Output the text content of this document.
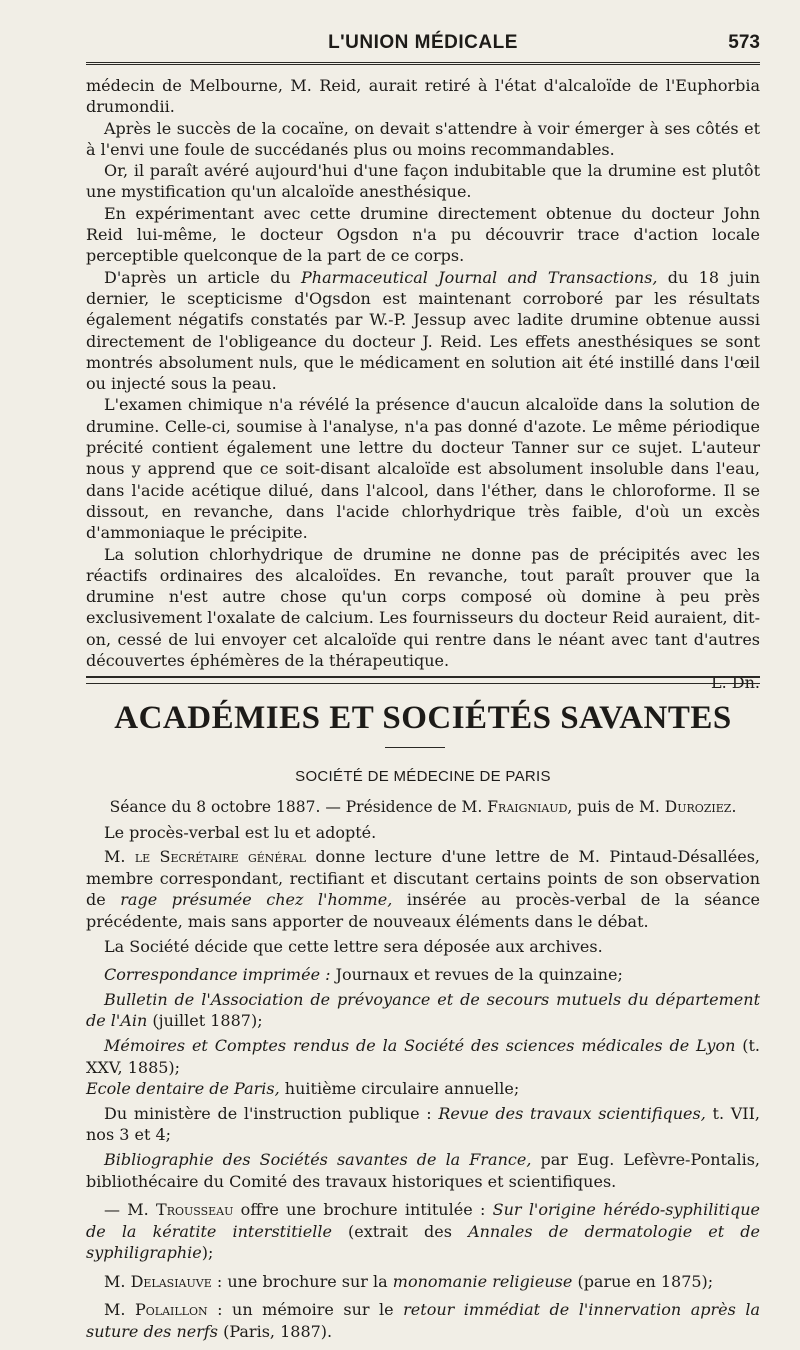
L'UNION MÉDICALE	573

médecin de Melbourne, M. Reid, aurait retiré à l'état d'alcaloïde de l'Euphorbia drumondii.

Après le succès de la cocaïne, on devait s'attendre à voir émerger à ses côtés et à l'envi une foule de succédanés plus ou moins recommandables.

Or, il paraît avéré aujourd'hui d'une façon indubitable que la drumine est plutôt une mystification qu'un alcaloïde anesthésique.

En expérimentant avec cette drumine directement obtenue du docteur John Reid lui-même, le docteur Ogsdon n'a pu découvrir trace d'action locale perceptible quelconque de la part de ce corps.

D'après un article du Pharmaceutical Journal and Transactions, du 18 juin dernier, le scepticisme d'Ogsdon est maintenant corroboré par les résultats également négatifs constatés par W.-P. Jessup avec ladite drumine obtenue aussi directement de l'obligeance du docteur J. Reid. Les effets anesthésiques se sont montrés absolument nuls, que le médicament en solution ait été instillé dans l'œil ou injecté sous la peau.

L'examen chimique n'a révélé la présence d'aucun alcaloïde dans la solution de drumine. Celle-ci, soumise à l'analyse, n'a pas donné d'azote. Le même périodique précité contient également une lettre du docteur Tanner sur ce sujet. L'auteur nous y apprend que ce soit-disant alcaloïde est absolument insoluble dans l'eau, dans l'acide acétique dilué, dans l'alcool, dans l'éther, dans le chloroforme. Il se dissout, en revanche, dans l'acide chlorhydrique très faible, d'où un excès d'ammoniaque le précipite.

La solution chlorhydrique de drumine ne donne pas de précipités avec les réactifs ordinaires des alcaloïdes. En revanche, tout paraît prouver que la drumine n'est autre chose qu'un corps composé où domine à peu près exclusivement l'oxalate de calcium. Les fournisseurs du docteur Reid auraient, dit-on, cessé de lui envoyer cet alcaloïde qui rentre dans le néant avec tant d'autres découvertes éphémères de la thérapeutique.

L. Dn.
ACADÉMIES ET SOCIÉTÉS SAVANTES
SOCIÉTÉ DE MÉDECINE DE PARIS

Séance du 8 octobre 1887. — Présidence de M. Fraigniaud, puis de M. Duroziez.

Le procès-verbal est lu et adopté.

M. le Secrétaire général donne lecture d'une lettre de M. Pintaud-Désallées, membre correspondant, rectifiant et discutant certains points de son observation de rage présumée chez l'homme, insérée au procès-verbal de la séance précédente, mais sans apporter de nouveaux éléments dans le débat.

La Société décide que cette lettre sera déposée aux archives.

Correspondance imprimée : Journaux et revues de la quinzaine;

Bulletin de l'Association de prévoyance et de secours mutuels du département de l'Ain (juillet 1887);

Mémoires et Comptes rendus de la Société des sciences médicales de Lyon (t. XXV, 1885);
Ecole dentaire de Paris, huitième circulaire annuelle;

Du ministère de l'instruction publique : Revue des travaux scientifiques, t. VII, nos 3 et 4;

Bibliographie des Sociétés savantes de la France, par Eug. Lefèvre-Pontalis, bibliothécaire du Comité des travaux historiques et scientifiques.

— M. Trousseau offre une brochure intitulée : Sur l'origine hérédo-syphilitique de la kératite interstitielle (extrait des Annales de dermatologie et de syphiligraphie);

M. Delasiauve : une brochure sur la monomanie religieuse (parue en 1875);

M. Polaillon : un mémoire sur le retour immédiat de l'innervation après la suture des nerfs (Paris, 1887).
